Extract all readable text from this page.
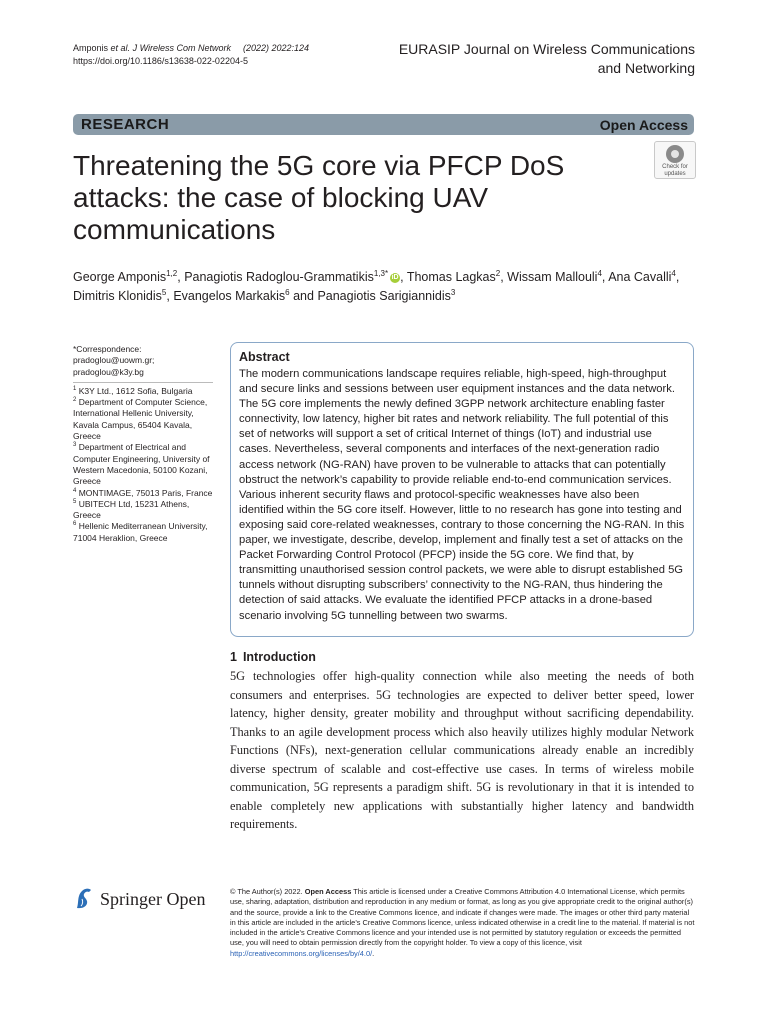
Amponis et al. J Wireless Com Network (2022) 2022:124
https://doi.org/10.1186/s13638-022-02204-5
EURASIP Journal on Wireless Communications and Networking
RESEARCH	Open Access
Threatening the 5G core via PFCP DoS attacks: the case of blocking UAV communications
Check for updates
George Amponis$^{1,2}$, Panagiotis Radoglou-Grammatikis$^{1,3*}$ iD , Thomas Lagkas$^2$, Wissam Mallouli$^4$, Ana Cavalli$^4$, Dimitris Klonidis$^5$, Evangelos Markakis$^6$ and Panagiotis Sarigiannidis$^3$
*Correspondence:
pradoglou@uowm.gr; pradoglou@k3y.bg
$^1$ K3Y Ltd., 1612 Sofia, Bulgaria
$^2$ Department of Computer Science, International Hellenic University, Kavala Campus, 65404 Kavala, Greece
$^3$ Department of Electrical and Computer Engineering, University of Western Macedonia, 50100 Kozani, Greece
$^4$ MONTIMAGE, 75013 Paris, France
$^5$ UBITECH Ltd, 15231 Athens, Greece
$^6$ Hellenic Mediterranean University, 71004 Heraklion, Greece
Abstract

The modern communications landscape requires reliable, high-speed, high-throughput and secure links and sessions between user equipment instances and the data network. The 5G core implements the newly defined 3GPP network architecture enabling faster connectivity, low latency, higher bit rates and network reliability. The full potential of this set of networks will support a set of critical Internet of things (IoT) and industrial use cases. Nevertheless, several components and interfaces of the next-generation radio access network (NG-RAN) have proven to be vulnerable to attacks that can potentially obstruct the network’s capability to provide reliable end-to-end communication services. Various inherent security flaws and protocol-specific weaknesses have also been identified within the 5G core itself. However, little to no research has gone into testing and exposing said core-related weaknesses, contrary to those concerning the NG-RAN. In this paper, we investigate, describe, develop, implement and finally test a set of attacks on the Packet Forwarding Control Protocol (PFCP) inside the 5G core. We find that, by transmitting unauthorised session control packets, we were able to disrupt established 5G tunnels without disrupting subscribers’ connectivity to the NG-RAN, thus hindering the detection of said attacks. We evaluate the identified PFCP attacks in a drone-based scenario involving 5G tunnelling between two swarms.

1 Introduction
5G technologies offer high-quality connection while also meeting the needs of both consumers and enterprises. 5G technologies are expected to deliver better speed, lower latency, higher density, greater mobility and throughput without sacrificing dependability. Thanks to an agile development process which also heavily utilizes highly modular Network Functions (NFs), next-generation cellular communications already enable an incredibly diverse spectrum of scalable and cost-effective use cases. In terms of wireless mobile communication, 5G represents a paradigm shift. 5G is revolutionary in that it is intended to enable completely new applications with substantially higher latency and bandwidth requirements.
Springer Open	© The Author(s) 2022. Open Access This article is licensed under a Creative Commons Attribution 4.0 International License, which permits use, sharing, adaptation, distribution and reproduction in any medium or format, as long as you give appropriate credit to the original author(s) and the source, provide a link to the Creative Commons licence, and indicate if changes were made. The images or other third party material in this article are included in the article’s Creative Commons licence, unless indicated otherwise in a credit line to the material. If material is not included in the article’s Creative Commons licence and your intended use is not permitted by statutory regulation or exceeds the permitted use, you will need to obtain permission directly from the copyright holder. To view a copy of this licence, visit http://creativecommons.org/licenses/by/4.0/.
